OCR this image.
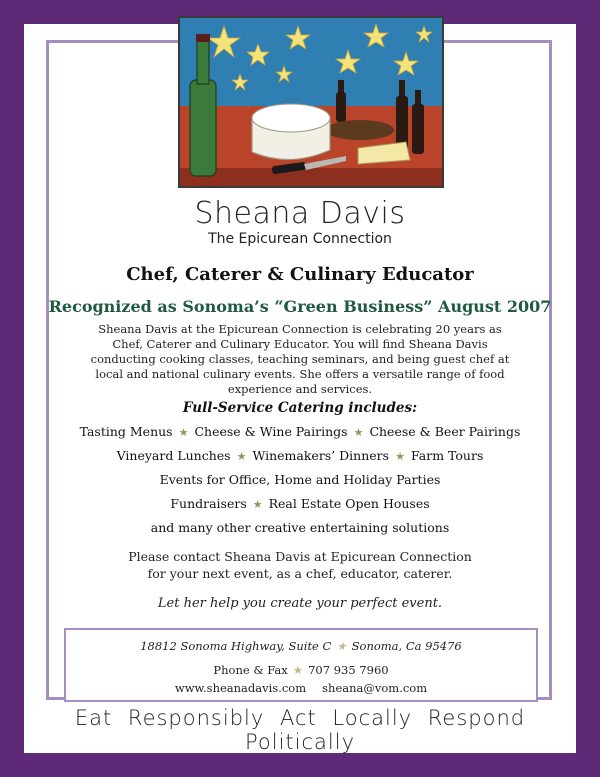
Sheana Davis
The Epicurean Connection
Chef, Caterer & Culinary Educator
Recognized as Sonoma’s “Green Business” August 2007
Sheana Davis at the Epicurean Connection is celebrating 20 years as Chef, Caterer and Culinary Educator. You will find Sheana Davis conducting cooking classes, teaching seminars, and being guest chef at local and national culinary events. She offers a versatile range of food experience and services.
Full-Service Catering includes:
Tasting Menus ★ Cheese & Wine Pairings ★ Cheese & Beer Pairings
Vineyard Lunches ★ Winemakers’ Dinners ★ Farm Tours
Events for Office, Home and Holiday Parties
Fundraisers ★ Real Estate Open Houses
and many other creative entertaining solutions
Please contact Sheana Davis at Epicurean Connection
for your next event, as a chef, educator, caterer.
Let her help you create your perfect event.
18812 Sonoma Highway, Suite C ★ Sonoma, Ca 95476
Phone & Fax ★ 707 935 7960
www.sheanadavis.com sheana@vom.com
Eat Responsibly Act Locally Respond Politically
